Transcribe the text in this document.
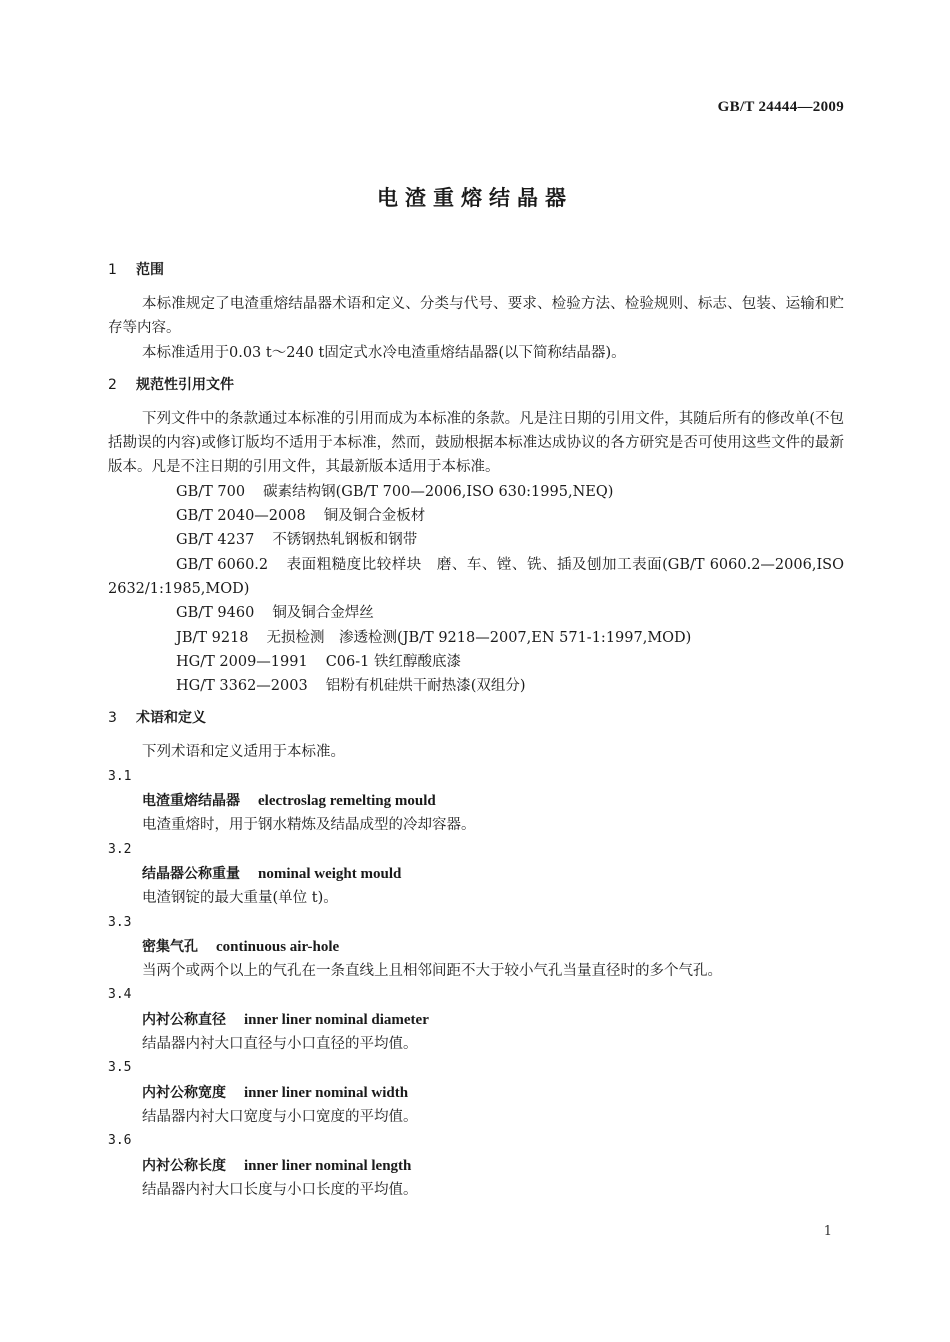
GB/T 24444—2009
电渣重熔结晶器
1 范围

本标准规定了电渣重熔结晶器术语和定义、分类与代号、要求、检验方法、检验规则、标志、包装、运输和贮存等内容。

本标准适用于0.03 t～240 t固定式水冷电渣重熔结晶器(以下简称结晶器)。

2 规范性引用文件

下列文件中的条款通过本标准的引用而成为本标准的条款。凡是注日期的引用文件，其随后所有的修改单(不包括勘误的内容)或修订版均不适用于本标准，然而，鼓励根据本标准达成协议的各方研究是否可使用这些文件的最新版本。凡是不注日期的引用文件，其最新版本适用于本标准。

GB/T 700 碳素结构钢(GB/T 700—2006,ISO 630:1995,NEQ)
GB/T 2040—2008 铜及铜合金板材
GB/T 4237 不锈钢热轧钢板和钢带
GB/T 6060.2 表面粗糙度比较样块　磨、车、镗、铣、插及刨加工表面(GB/T 6060.2—2006,ISO 2632/1:1985,MOD)
GB/T 9460 铜及铜合金焊丝
JB/T 9218 无损检测　渗透检测(JB/T 9218—2007,EN 571-1:1997,MOD)
HG/T 2009—1991 C06-1 铁红醇酸底漆
HG/T 3362—2003 铝粉有机硅烘干耐热漆(双组分)
3 术语和定义

下列术语和定义适用于本标准。

3.1
电渣重熔结晶器 electroslag remelting mould
电渣重熔时，用于钢水精炼及结晶成型的冷却容器。
3.2
结晶器公称重量 nominal weight mould
电渣钢锭的最大重量(单位 t)。
3.3
密集气孔 continuous air-hole
当两个或两个以上的气孔在一条直线上且相邻间距不大于较小气孔当量直径时的多个气孔。
3.4
内衬公称直径 inner liner nominal diameter
结晶器内衬大口直径与小口直径的平均值。
3.5
内衬公称宽度 inner liner nominal width
结晶器内衬大口宽度与小口宽度的平均值。
3.6
内衬公称长度 inner liner nominal length
结晶器内衬大口长度与小口长度的平均值。
1
